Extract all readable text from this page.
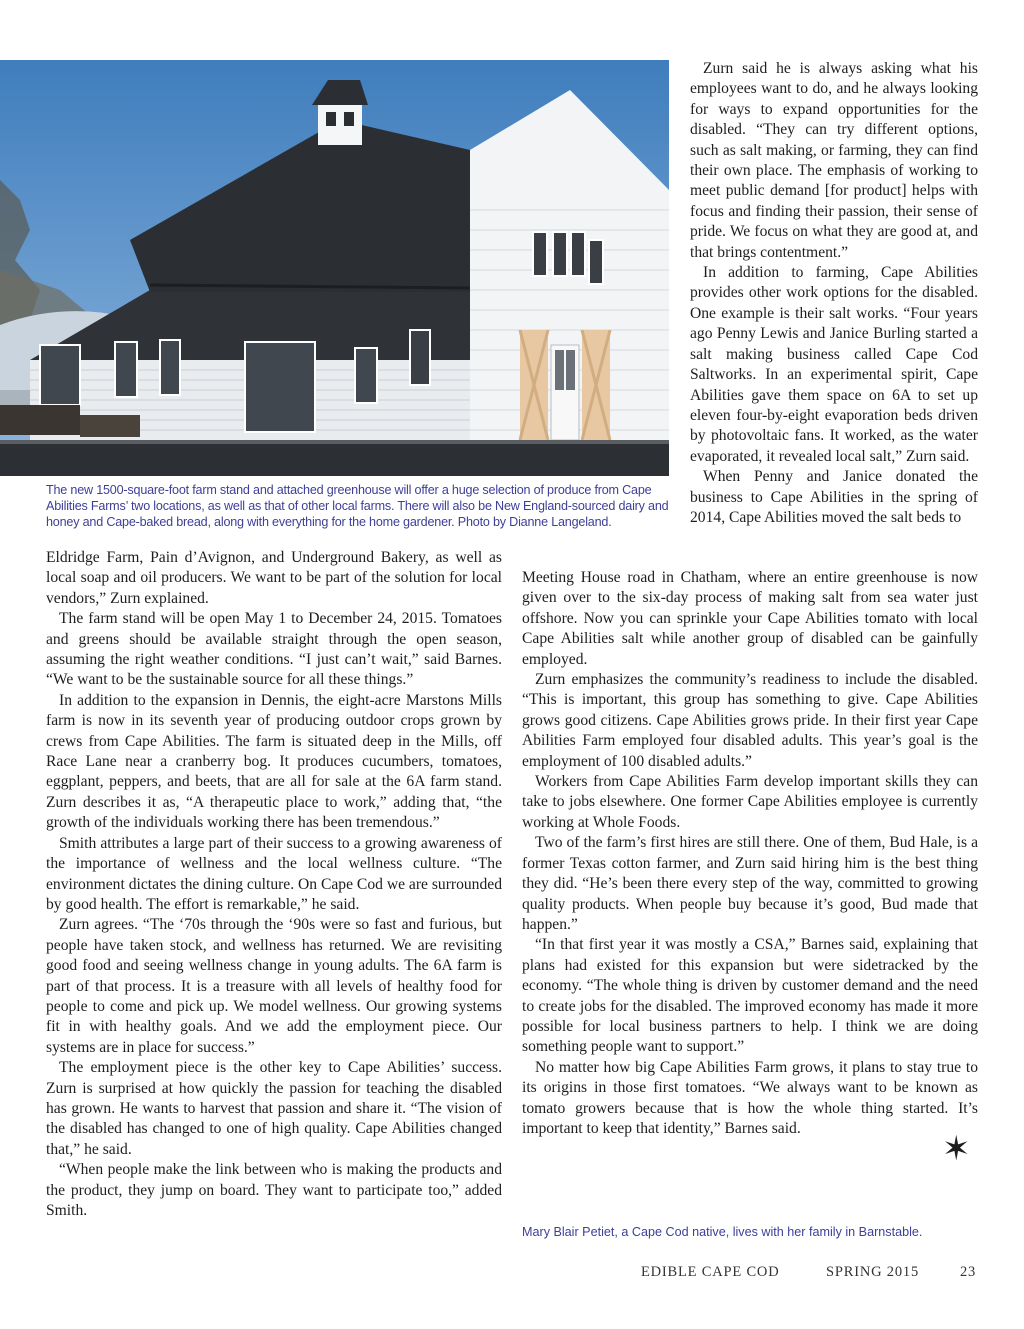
The new 1500-square-foot farm stand and attached greenhouse will offer a huge selection of produce from Cape Abilities Farms’ two locations, as well as that of other local farms. There will also be New England-sourced dairy and honey and Cape-baked bread, along with everything for the home gardener. Photo by Dianne Langeland.

Zurn said he is always asking what his employees want to do, and he always looking for ways to expand opportunities for the disabled. “They can try different options, such as salt making, or farming, they can find their own place. The emphasis of working to meet public demand [for product] helps with focus and finding their passion, their sense of pride. We focus on what they are good at, and that brings contentment.”

In addition to farming, Cape Abilities provides other work options for the disabled. One example is their salt works. “Four years ago Penny Lewis and Janice Burling started a salt making business called Cape Cod Saltworks. In an experimental spirit, Cape Abilities gave them space on 6A to set up eleven four-by-eight evaporation beds driven by photovoltaic fans. It worked, as the water evaporated, it revealed local salt,” Zurn said.

When Penny and Janice donated the business to Cape Abilities in the spring of 2014, Cape Abilities moved the salt beds to

Meeting House road in Chatham, where an entire greenhouse is now given over to the six-day process of making salt from sea water just offshore. Now you can sprinkle your Cape Abilities tomato with local Cape Abilities salt while another group of disabled can be gainfully employed.

Zurn emphasizes the community’s readiness to include the disabled. “This is important, this group has something to give. Cape Abilities grows good citizens. Cape Abilities grows pride. In their first year Cape Abilities Farm employed four disabled adults. This year’s goal is the employment of 100 disabled adults.”

Workers from Cape Abilities Farm develop important skills they can take to jobs elsewhere. One former Cape Abilities employee is currently working at Whole Foods.

Two of the farm’s first hires are still there. One of them, Bud Hale, is a former Texas cotton farmer, and Zurn said hiring him is the best thing they did. “He’s been there every step of the way, committed to growing quality products. When people buy because it’s good, Bud made that happen.”

“In that first year it was mostly a CSA,” Barnes said, explaining that plans had existed for this expansion but were sidetracked by the economy. “The whole thing is driven by customer demand and the need to create jobs for the disabled. The improved economy has made it more possible for local business partners to help. I think we are doing something people want to support.”

No matter how big Cape Abilities Farm grows, it plans to stay true to its origins in those first tomatoes. “We always want to be known as tomato growers because that is how the whole thing started. It’s important to keep that identity,” Barnes said.

Eldridge Farm, Pain d’Avignon, and Underground Bakery, as well as local soap and oil producers. We want to be part of the solution for local vendors,” Zurn explained.

The farm stand will be open May 1 to December 24, 2015. Tomatoes and greens should be available straight through the open season, assuming the right weather conditions. “I just can’t wait,” said Barnes. “We want to be the sustainable source for all these things.”

In addition to the expansion in Dennis, the eight-acre Marstons Mills farm is now in its seventh year of producing outdoor crops grown by crews from Cape Abilities. The farm is situated deep in the Mills, off Race Lane near a cranberry bog. It produces cucumbers, tomatoes, eggplant, peppers, and beets, that are all for sale at the 6A farm stand. Zurn describes it as, “A therapeutic place to work,” adding that, “the growth of the individuals working there has been tremendous.”

Smith attributes a large part of their success to a growing awareness of the importance of wellness and the local wellness culture. “The environment dictates the dining culture. On Cape Cod we are surrounded by good health. The effort is remarkable,” he said.

Zurn agrees. “The ‘70s through the ‘90s were so fast and furious, but people have taken stock, and wellness has returned. We are revisiting good food and seeing wellness change in young adults. The 6A farm is part of that process. It is a treasure with all levels of healthy food for people to come and pick up. We model wellness. Our growing systems fit in with healthy goals. And we add the employment piece. Our systems are in place for success.”

The employment piece is the other key to Cape Abilities’ success. Zurn is surprised at how quickly the passion for teaching the disabled has grown. He wants to harvest that passion and share it. “The vision of the disabled has changed to one of high quality. Cape Abilities changed that,” he said.

“When people make the link between who is making the products and the product, they jump on board. They want to participate too,” added Smith.

✶
Mary Blair Petiet, a Cape Cod native, lives with her family in Barnstable.
EDIBLE CAPE COD	SPRING 2015	23
